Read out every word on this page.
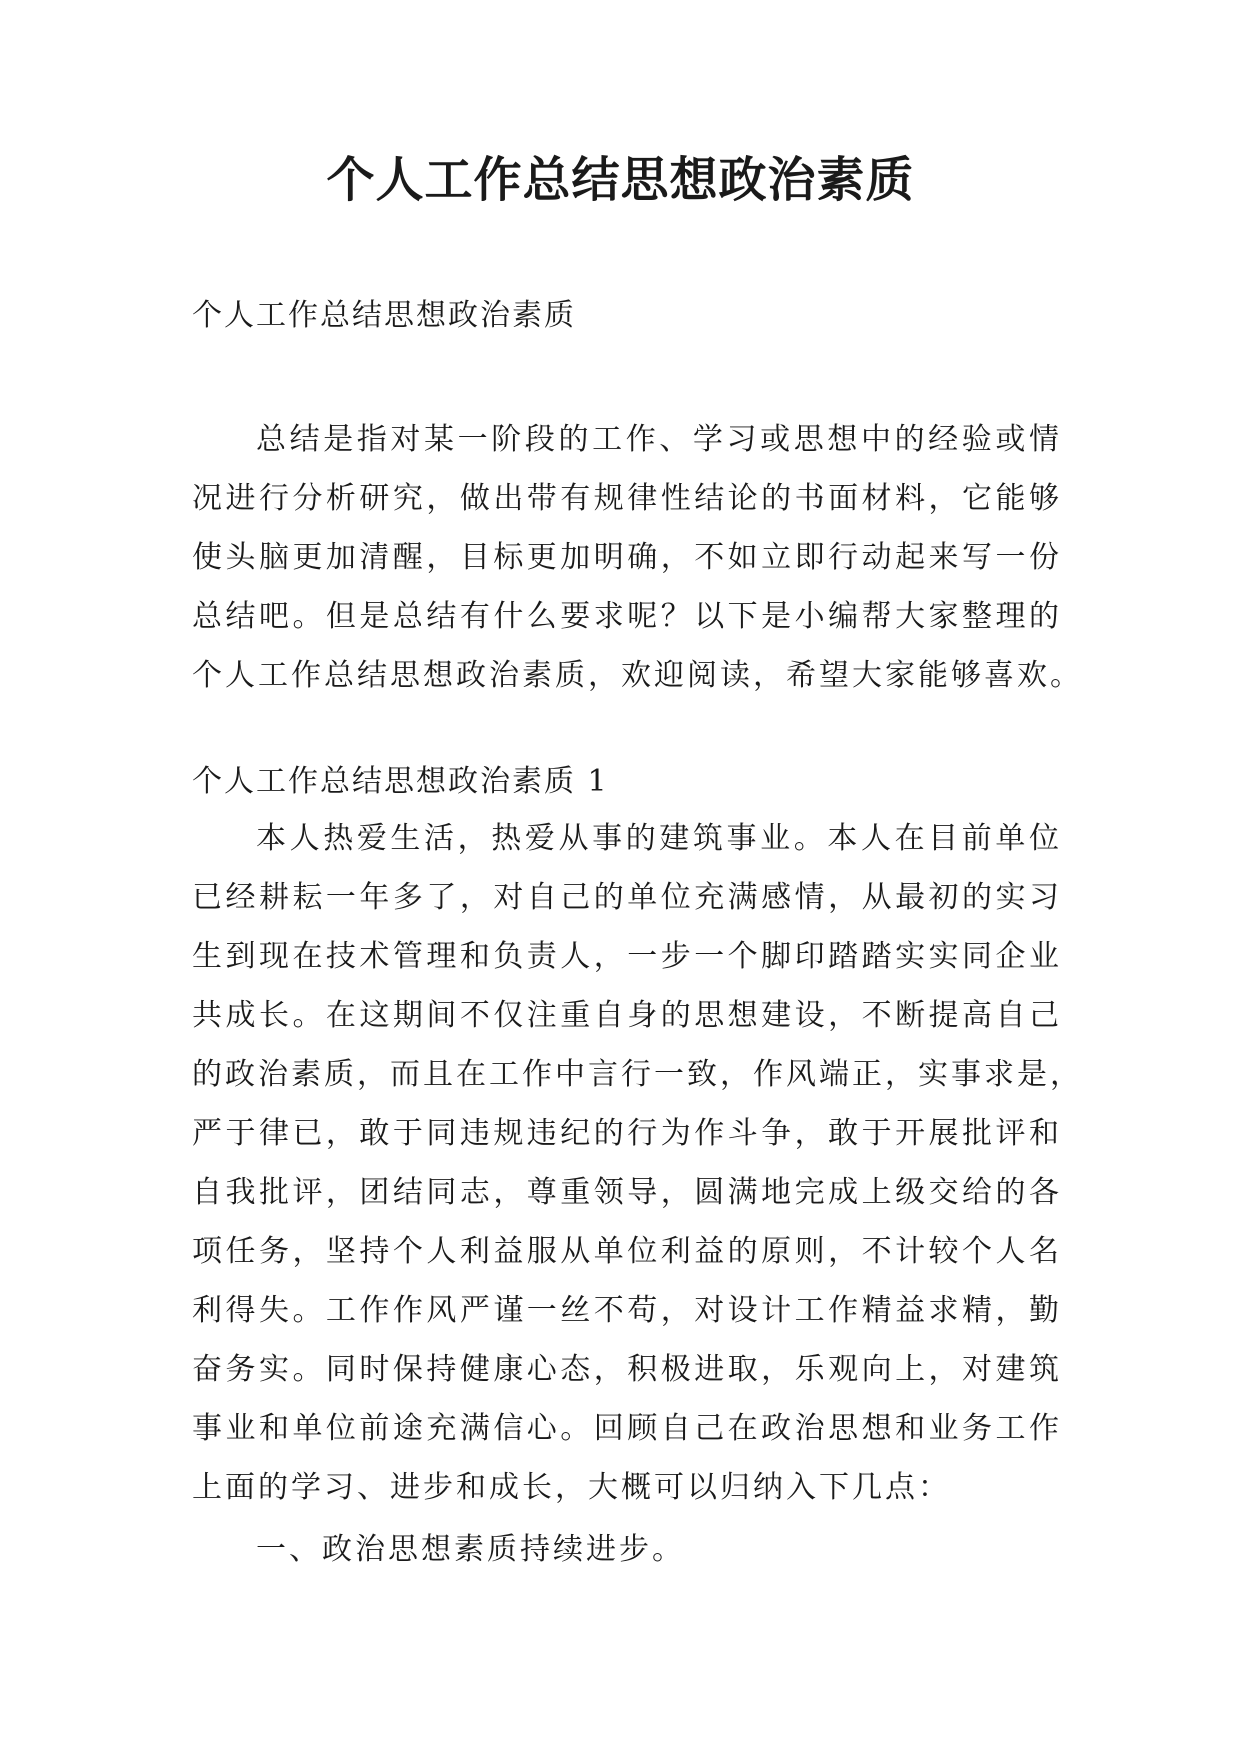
个人工作总结思想政治素质

个人工作总结思想政治素质

总结是指对某一阶段的工作、学习或思想中的经验或情
况进行分析研究，做出带有规律性结论的书面材料，它能够
使头脑更加清醒，目标更加明确，不如立即行动起来写一份
总结吧。但是总结有什么要求呢？以下是小编帮大家整理的
个人工作总结思想政治素质，欢迎阅读，希望大家能够喜欢。

个人工作总结思想政治素质 1

本人热爱生活，热爱从事的建筑事业。本人在目前单位
已经耕耘一年多了，对自己的单位充满感情，从最初的实习
生到现在技术管理和负责人，一步一个脚印踏踏实实同企业
共成长。在这期间不仅注重自身的思想建设，不断提高自己
的政治素质，而且在工作中言行一致，作风端正，实事求是，
严于律已，敢于同违规违纪的行为作斗争，敢于开展批评和
自我批评，团结同志，尊重领导，圆满地完成上级交给的各
项任务，坚持个人利益服从单位利益的原则，不计较个人名
利得失。工作作风严谨一丝不苟，对设计工作精益求精，勤
奋务实。同时保持健康心态，积极进取，乐观向上，对建筑
事业和单位前途充满信心。回顾自己在政治思想和业务工作
上面的学习、进步和成长，大概可以归纳入下几点：

一、政治思想素质持续进步。
